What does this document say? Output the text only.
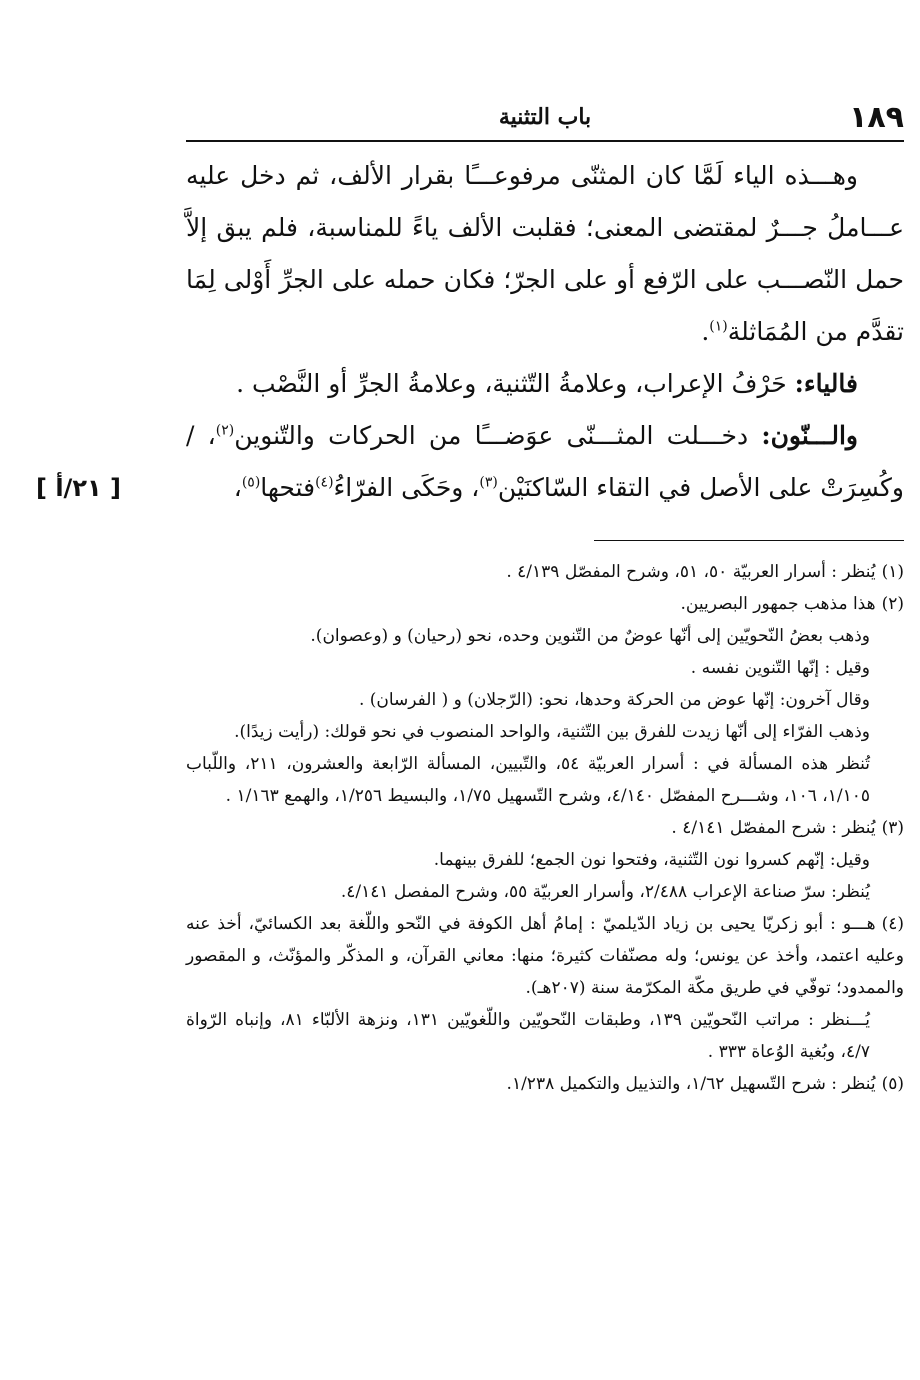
١٨٩
باب التثنية

وهـــذه الياء لَمَّا كان المثنّى مرفوعـــًا بقرار الألف، ثم دخل عليه عـــاملُ جـــرٌ لمقتضى المعنى؛ فقلبت الألف ياءً للمناسبة، فلم يبق إلاَّ حمل النّصـــب على الرّفع أو على الجرّ؛ فكان حمله على الجرِّ أَوْلى لِمَا تقدَّم من المُمَاثلة$^{(١)}$.

فالياء: حَرْفُ الإعراب، وعلامةُ التّثنية، وعلامةُ الجرِّ أو النَّصْب .

والـــنّون: دخـــلت المثـــنّى عوَضـــًا من الحركات والتّنوين$^{(٢)}$، /وكُسِرَتْ على الأصل في التقاء السّاكنَيْن$^{(٣)}$، وحَكَى الفرّاءُ$^{(٤)}$فتحها$^{(٥)}$،

[ ٢١/أ ]

(١)يُنظر : أسرار العربيّة ٥٠، ٥١، وشرح المفصّل ٤/١٣٩ .

(٢)هذا مذهب جمهور البصريين.

وذهب بعضُ النّحويّين إلى أنّها عوضٌ من التّنوين وحده، نحو (رحيان) و (وعصوان).

وقيل : إنّها التّنوين نفسه .

وقال آخرون: إنّها عوض من الحركة وحدها، نحو: (الرّجلان) و ( الفرسان) .

وذهب الفرّاء إلى أنّها زيدت للفرق بين التّثنية، والواحد المنصوب في نحو قولك: (رأيت زيدًا).

تُنظر هذه المسألة في : أسرار العربيّة ٥٤، والتّبيين، المسألة الرّابعة والعشرون، ٢١١، واللّباب ١/١٠٥، ١٠٦، وشـــرح المفصّل ٤/١٤٠، وشرح التّسهيل ١/٧٥، والبسيط ١/٢٥٦، والهمع ١/١٦٣ .

(٣)يُنظر : شرح المفصّل ٤/١٤١ .

وقيل: إنّهم كسروا نون التّثنية، وفتحوا نون الجمع؛ للفرق بينهما.

يُنظر: سرّ صناعة الإعراب ٢/٤٨٨، وأسرار العربيّة ٥٥، وشرح المفصل ٤/١٤١.

(٤)هـــو : أبو زكريّا يحيى بن زياد الدّيلميّ : إمامُ أهل الكوفة في النّحو واللّغة بعد الكسائيّ، أخذ عنه وعليه اعتمد، وأخذ عن يونس؛ وله مصنّفات كثيرة؛ منها: معاني القرآن، و المذكّر والمؤنّث، و المقصور والممدود؛ توفّي في طريق مكّة المكرّمة سنة (٢٠٧هـ).

يُـــنظر : مراتب النّحويّين ١٣٩، وطبقات النّحويّين واللّغويّين ١٣١، ونزهة الألبّاء ٨١، وإنباه الرّواة ٤/٧، وبُغية الوُعاة ٣٣٣ .

(٥)يُنظر : شرح التّسهيل ١/٦٢، والتذييل والتكميل ١/٢٣٨.
